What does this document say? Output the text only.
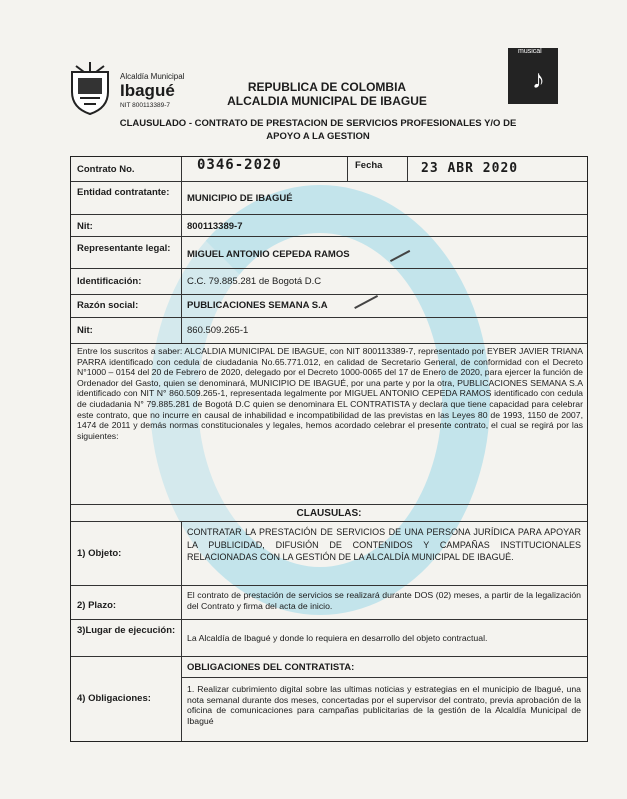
Alcaldía Municipal
Ibagué
NIT 800113389-7
REPUBLICA DE COLOMBIA
ALCALDIA MUNICIPAL DE IBAGUE
musical
♪
CLAUSULADO - CONTRATO DE PRESTACION DE SERVICIOS PROFESIONALES Y/O DE
APOYO A LA GESTION
Contrato No.	0346-2020	Fecha	23 ABR 2020
Entidad contratante:
MUNICIPIO DE IBAGUÉ
Nit:	800113389-7
Representante legal:
MIGUEL ANTONIO CEPEDA RAMOS
Identificación:	C.C. 79.885.281 de Bogotá D.C
Razón social:	PUBLICACIONES SEMANA S.A
Nit:	860.509.265-1
Entre los suscritos a saber: ALCALDIA MUNICIPAL DE IBAGUE, con NIT 800113389-7, representado por EYBER JAVIER TRIANA PARRA identificado con cedula de ciudadania No.65.771.012, en calidad de Secretario General, de conformidad con el Decreto N°1000 – 0154 del 20 de Febrero de 2020, delegado por el Decreto 1000-0065 del 17 de Enero de 2020, para ejercer la función de Ordenador del Gasto, quien se denominará, MUNICIPIO DE IBAGUÉ, por una parte y por la otra, PUBLICACIONES SEMANA S.A identificado con NIT N° 860.509.265-1, representada legalmente por MIGUEL ANTONIO CEPEDA RAMOS identificado con cedula de ciudadania N° 79.885.281 de Bogotá D.C quien se denominara EL CONTRATISTA y declara que tiene capacidad para celebrar este contrato, que no incurre en causal de inhabilidad e incompatibilidad de las previstas en las Leyes 80 de 1993, 1150 de 2007, 1474 de 2011 y demás normas constitucionales y legales, hemos acordado celebrar el presente contrato, el cual se regirá por las siguientes:
CLAUSULAS:
1) Objeto:
CONTRATAR LA PRESTACIÓN DE SERVICIOS DE UNA PERSONA JURÍDICA PARA APOYAR LA PUBLICIDAD, DIFUSIÓN DE CONTENIDOS Y CAMPAÑAS INSTITUCIONALES RELACIONADAS CON LA GESTIÓN DE LA ALCALDÍA MUNICIPAL DE IBAGUÉ.
2) Plazo:
El contrato de prestación de servicios se realizará durante DOS (02) meses, a partir de la legalización del Contrato y firma del acta de inicio.
3)Lugar de ejecución:
La Alcaldía de Ibagué y donde lo requiera en desarrollo del objeto contractual.
4) Obligaciones:
OBLIGACIONES DEL CONTRATISTA:
1. Realizar cubrimiento digital sobre las ultimas noticias y estrategias en el municipio de Ibagué, una nota semanal durante dos meses, concertadas por el supervisor del contrato, previa aprobación de la oficina de comunicaciones para campañas publicitarias de la gestión de la Alcaldía Municipal de Ibagué
